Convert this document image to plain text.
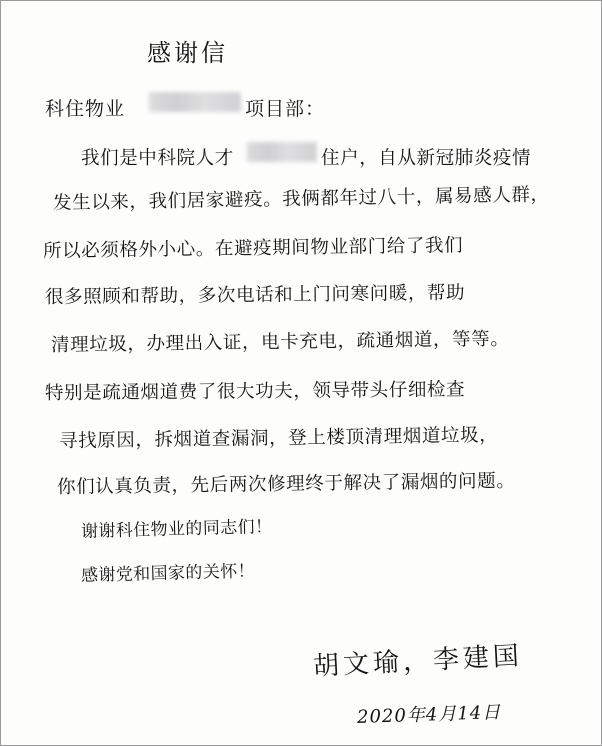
感谢信
科住物业	项目部：
我们是中科院人才	住户，自从新冠肺炎疫情
发生以来，我们居家避疫。我俩都年过八十，属易感人群，
所以必须格外小心。在避疫期间物业部门给了我们
很多照顾和帮助，多次电话和上门问寒问暖，帮助
清理垃圾，办理出入证，电卡充电，疏通烟道，等等。
特别是疏通烟道费了很大功夫，领导带头仔细检查
寻找原因，拆烟道查漏洞，登上楼顶清理烟道垃圾，
你们认真负责，先后两次修理终于解决了漏烟的问题。
谢谢科住物业的同志们！
感谢党和国家的关怀！
胡文瑜，李建国
2020年4月14日
